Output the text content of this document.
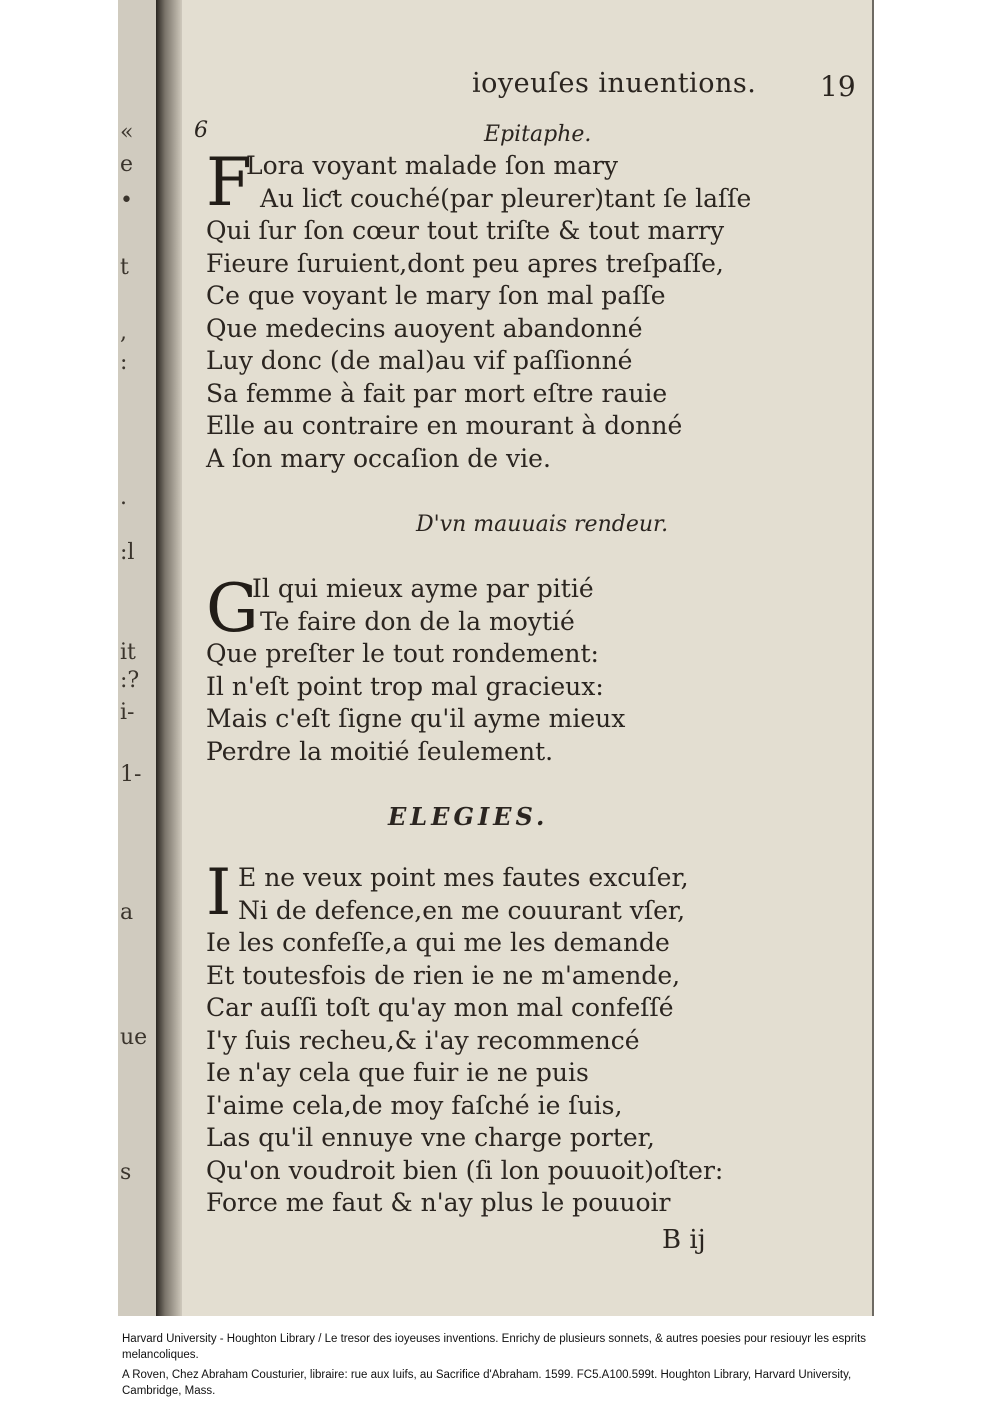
«
e
•
t
,
:
.
:l
it
:?
i-
1-
a
ue
s
ioyeuſes inuentions. 19
6	Epitaphe.
F
Lora voyant malade ſon mary
Au liƈt couché(par pleurer)tant ſe laſſe
Qui ſur ſon cœur tout triſte & tout marry
Fieure ſuruient,dont peu apres treſpaſſe,
Ce que voyant le mary ſon mal paſſe
Que medecins auoyent abandonné
Luy donc (de mal)au vif paſſionné
Sa femme à fait par mort eſtre rauie
Elle au contraire en mourant à donné
A ſon mary occaſion de vie.
D'vn mauuais rendeur.
G
Il qui mieux ayme par pitié
Te faire don de la moytié
Que preſter le tout rondement:
Il n'eſt point trop mal gracieux:
Mais c'eſt ſigne qu'il ayme mieux
Perdre la moitié ſeulement.
ELEGIES.
I E ne veux point mes fautes excuſer,
Ni de defence,en me couurant vſer,
Ie les confeſſe,a qui me les demande
Et toutesfois de rien ie ne m'amende,
Car auſſi toſt qu'ay mon mal confeſſé
I'y ſuis recheu,& i'ay recommencé
Ie n'ay cela que fuir ie ne puis
I'aime cela,de moy faſché ie ſuis,
Las qu'il ennuye vne charge porter,
Qu'on voudroit bien (ſi lon pouuoit)oſter:
Force me faut & n'ay plus le pouuoir
B ij
Harvard University - Houghton Library / Le tresor des ioyeuses inventions. Enrichy de plusieurs sonnets, & autres poesies pour resiouyr les esprits melancoliques.
A Roven, Chez Abraham Cousturier, libraire: rue aux Iuifs, au Sacrifice d'Abraham. 1599. FC5.A100.599t. Houghton Library, Harvard University, Cambridge, Mass.
